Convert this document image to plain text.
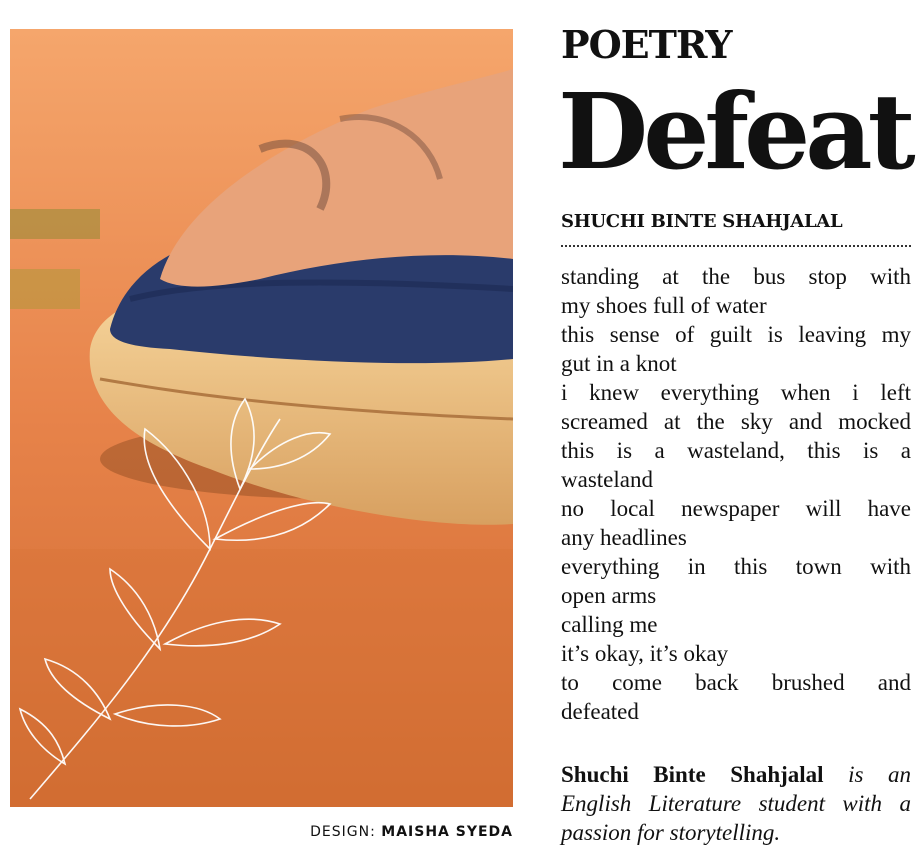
DESIGN: MAISHA SYEDA
POETRY
Defeat
SHUCHI BINTE SHAHJALAL
standing at the bus stop with
my shoes full of water
this sense of guilt is leaving my
gut in a knot
i knew everything when i left
screamed at the sky and mocked
this is a wasteland, this is a
wasteland
no local newspaper will have
any headlines
everything in this town with
open arms
calling me
it’s okay, it’s okay
to come back brushed and
defeated
Shuchi Binte Shahjalal is an English Literature student with a passion for storytelling.
